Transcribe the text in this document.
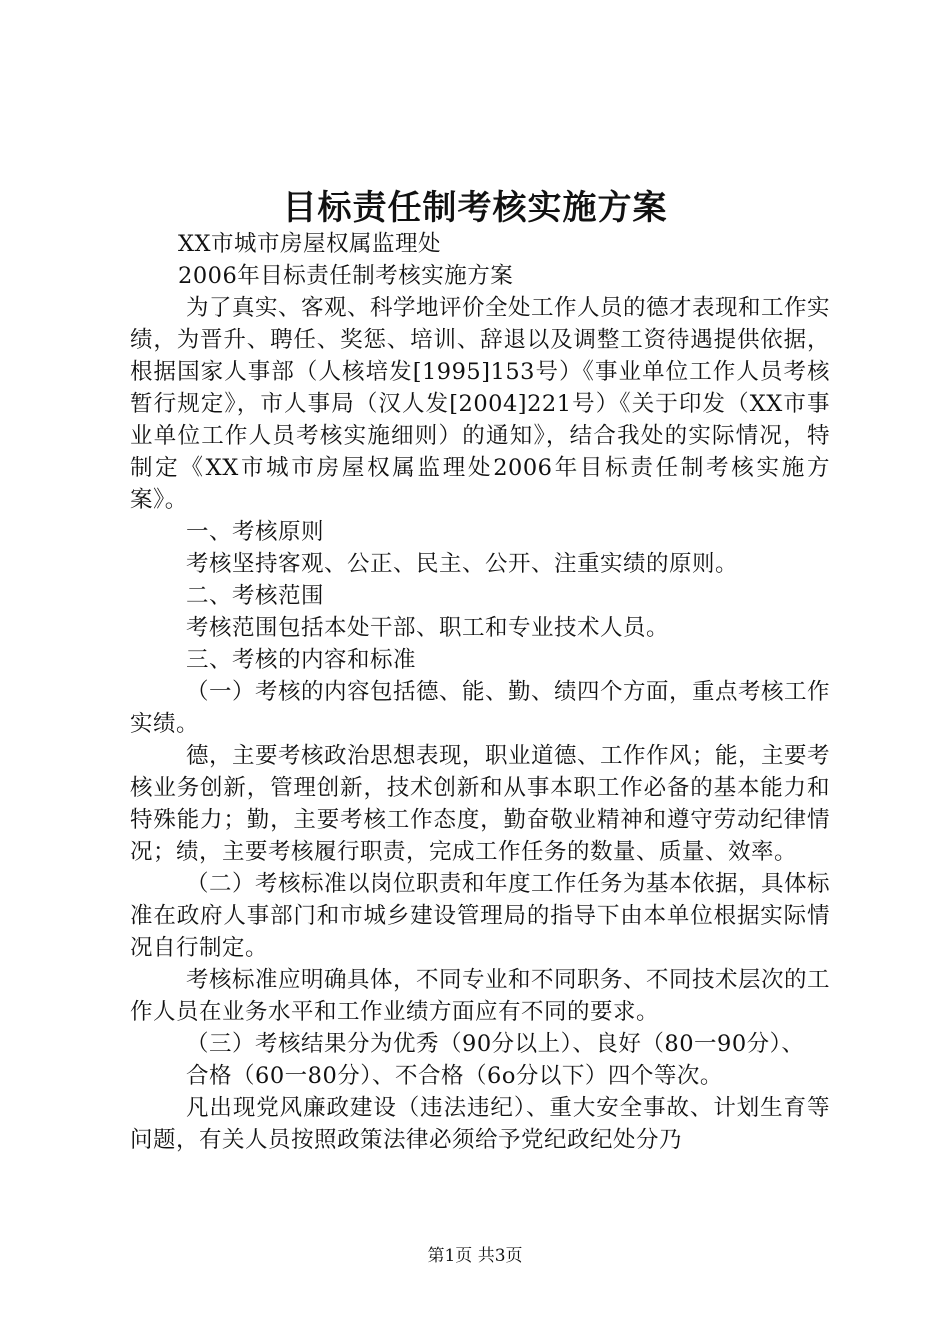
目标责任制考核实施方案

XX市城市房屋权属监理处

2006年目标责任制考核实施方案

为了真实、客观、科学地评价全处工作人员的德才表现和工作实绩，为晋升、聘任、奖惩、培训、辞退以及调整工资待遇提供依据，根据国家人事部（人核培发[1995]153号）《事业单位工作人员考核暂行规定》，市人事局（汉人发[2004]221号）《关于印发（XX市事业单位工作人员考核实施细则）的通知》，结合我处的实际情况，特制定《XX市城市房屋权属监理处2006年目标责任制考核实施方案》。

一、考核原则

考核坚持客观、公正、民主、公开、注重实绩的原则。

二、考核范围

考核范围包括本处干部、职工和专业技术人员。

三、考核的内容和标准

（一）考核的内容包括德、能、勤、绩四个方面，重点考核工作实绩。

德，主要考核政治思想表现，职业道德、工作作风；能，主要考核业务创新，管理创新，技术创新和从事本职工作必备的基本能力和特殊能力；勤，主要考核工作态度，勤奋敬业精神和遵守劳动纪律情况；绩，主要考核履行职责，完成工作任务的数量、质量、效率。

（二）考核标准以岗位职责和年度工作任务为基本依据，具体标准在政府人事部门和市城乡建设管理局的指导下由本单位根据实际情况自行制定。

考核标准应明确具体，不同专业和不同职务、不同技术层次的工作人员在业务水平和工作业绩方面应有不同的要求。

（三）考核结果分为优秀（90分以上）、良好（80一90分）、

合格（60一80分）、不合格（6o分以下）四个等次。

凡出现党风廉政建设（违法违纪）、重大安全事故、计划生育等问题，有关人员按照政策法律必须给予党纪政纪处分乃

第1页 共3页
